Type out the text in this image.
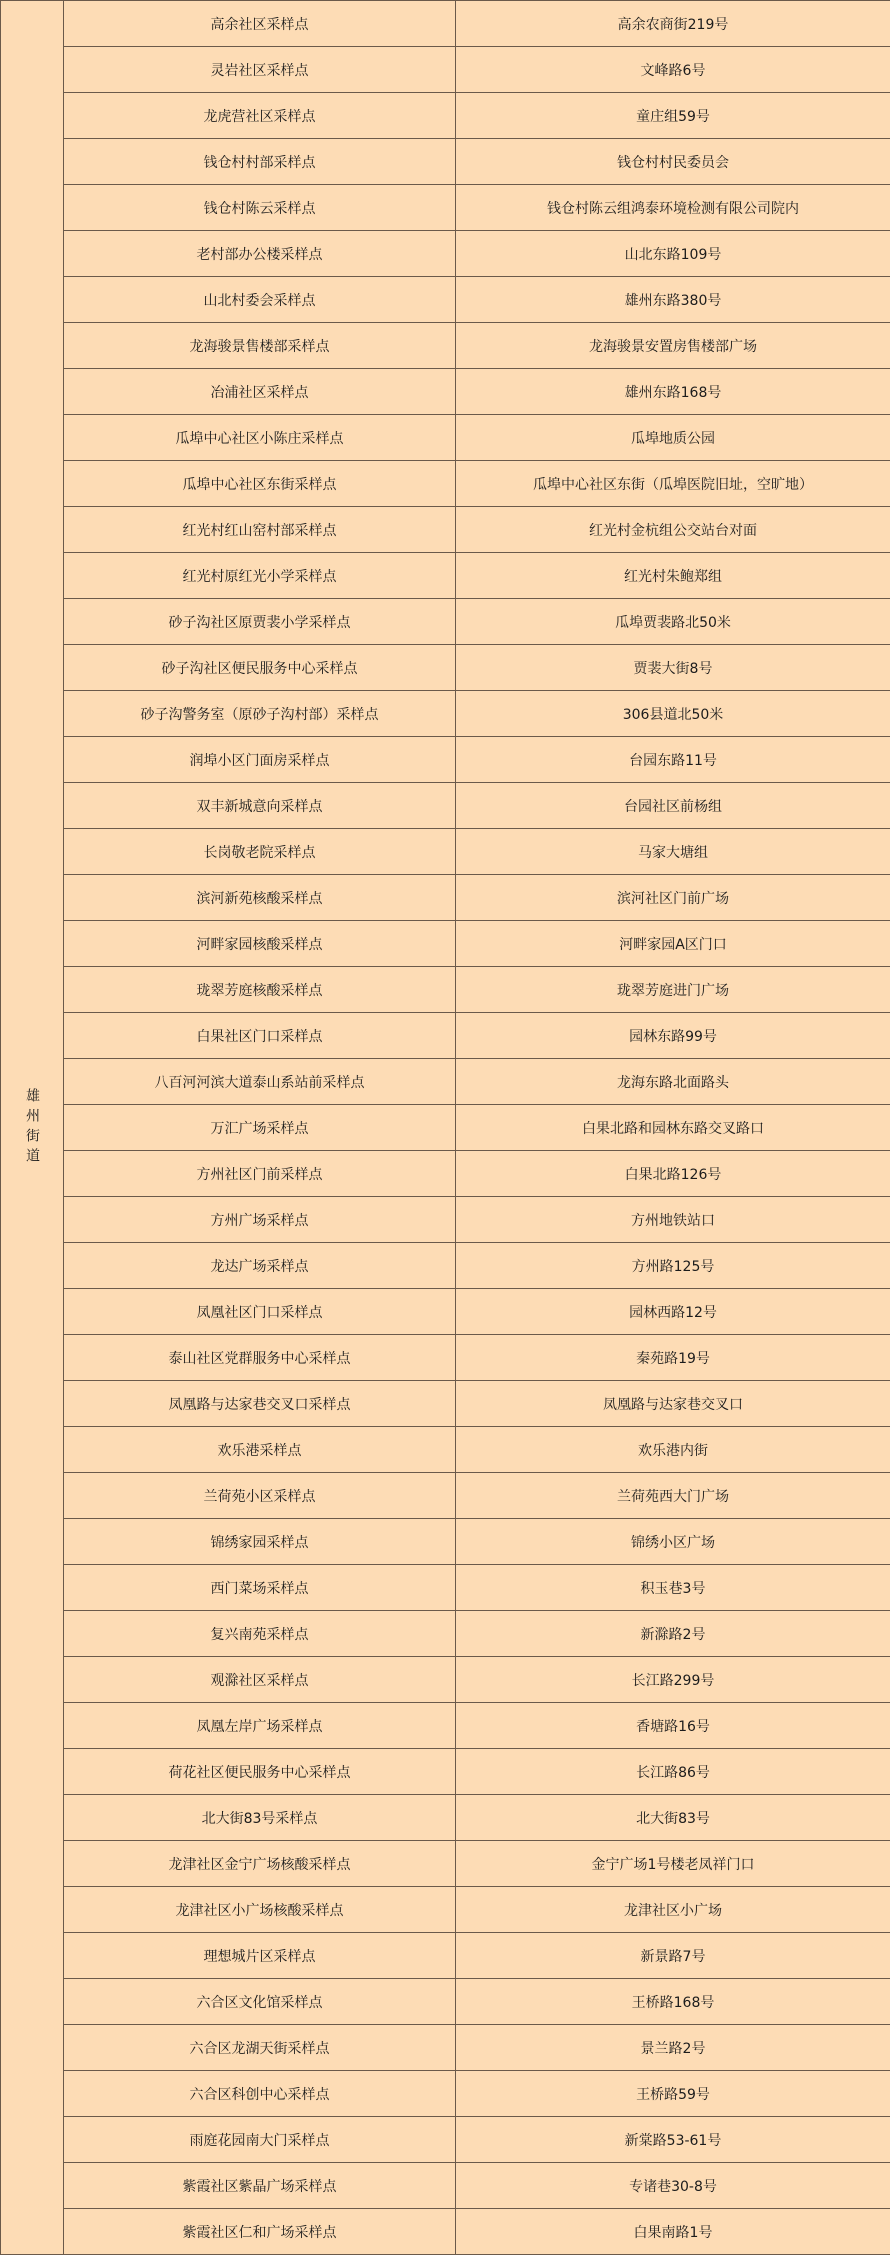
雄州街道	高余社区采样点	高余农商街219号
	灵岩社区采样点	文峰路6号
	龙虎营社区采样点	童庄组59号
	钱仓村村部采样点	钱仓村村民委员会
	钱仓村陈云采样点	钱仓村陈云组鸿泰环境检测有限公司院内
	老村部办公楼采样点	山北东路109号
	山北村委会采样点	雄州东路380号
	龙海骏景售楼部采样点	龙海骏景安置房售楼部广场
	冶浦社区采样点	雄州东路168号
	瓜埠中心社区小陈庄采样点	瓜埠地质公园
	瓜埠中心社区东街采样点	瓜埠中心社区东街（瓜埠医院旧址，空旷地）
	红光村红山窑村部采样点	红光村金杭组公交站台对面
	红光村原红光小学采样点	红光村朱鲍郑组
	砂子沟社区原贾裴小学采样点	瓜埠贾裴路北50米
	砂子沟社区便民服务中心采样点	贾裴大街8号
	砂子沟警务室（原砂子沟村部）采样点	306县道北50米
	润埠小区门面房采样点	台园东路11号
	双丰新城意向采样点	台园社区前杨组
	长岗敬老院采样点	马家大塘组
	滨河新苑核酸采样点	滨河社区门前广场
	河畔家园核酸采样点	河畔家园A区门口
	珑翠芳庭核酸采样点	珑翠芳庭进门广场
	白果社区门口采样点	园林东路99号
	八百河河滨大道泰山系站前采样点	龙海东路北面路头
	万汇广场采样点	白果北路和园林东路交叉路口
	方州社区门前采样点	白果北路126号
	方州广场采样点	方州地铁站口
	龙达广场采样点	方州路125号
	凤凰社区门口采样点	园林西路12号
	泰山社区党群服务中心采样点	秦苑路19号
	凤凰路与达家巷交叉口采样点	凤凰路与达家巷交叉口
	欢乐港采样点	欢乐港内街
	兰荷苑小区采样点	兰荷苑西大门广场
	锦绣家园采样点	锦绣小区广场
	西门菜场采样点	积玉巷3号
	复兴南苑采样点	新滁路2号
	观滁社区采样点	长江路299号
	凤凰左岸广场采样点	香塘路16号
	荷花社区便民服务中心采样点	长江路86号
	北大街83号采样点	北大街83号
	龙津社区金宁广场核酸采样点	金宁广场1号楼老凤祥门口
	龙津社区小广场核酸采样点	龙津社区小广场
	理想城片区采样点	新景路7号
	六合区文化馆采样点	王桥路168号
	六合区龙湖天街采样点	景兰路2号
	六合区科创中心采样点	王桥路59号
	雨庭花园南大门采样点	新棠路53-61号
	紫霞社区紫晶广场采样点	专诸巷30-8号
	紫霞社区仁和广场采样点	白果南路1号
